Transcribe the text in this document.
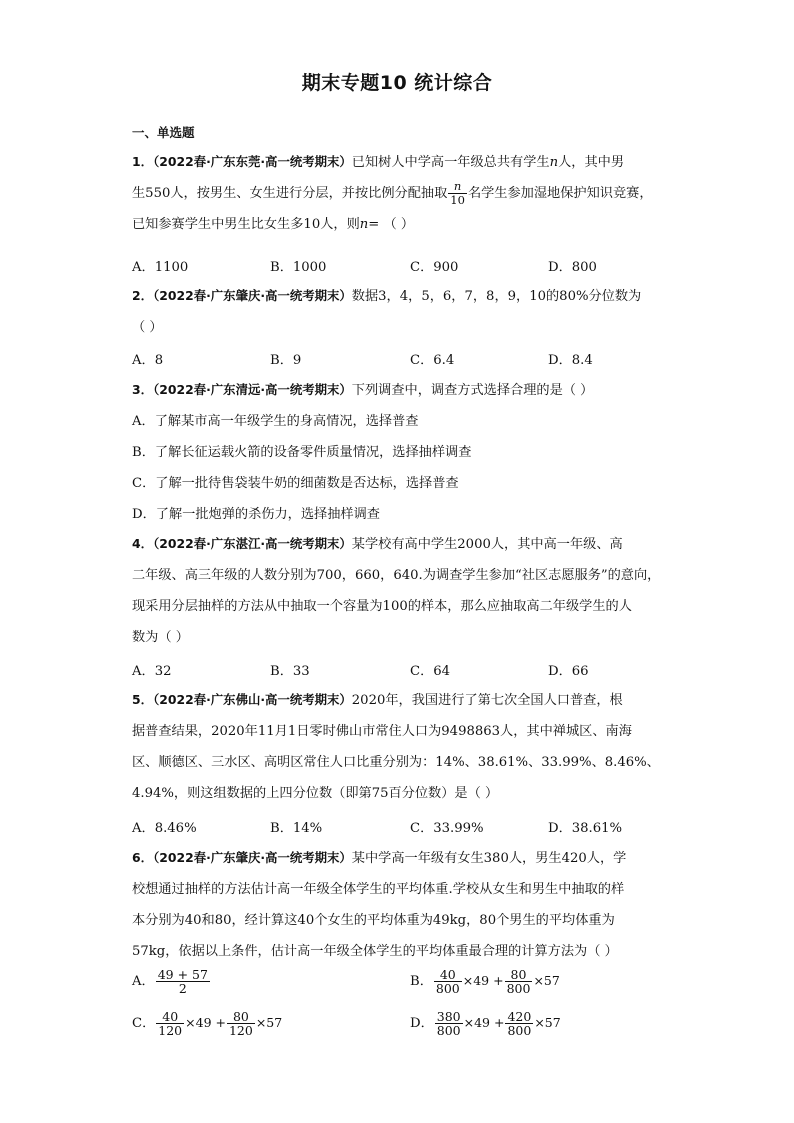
期末专题10 统计综合
一、单选题
1．（2022春·广东东莞·高一统考期末）已知树人中学高一年级总共有学生n人，其中男
生550人，按男生、女生进行分层，并按比例分配抽取 $\frac{n}{10}$ 名学生参加湿地保护知识竞赛，
已知参赛学生中男生比女生多10人，则n= （ ）
A．1100	B．1000	C．900	D．800
2．（2022春·广东肇庆·高一统考期末）数据3，4，5，6，7，8，9，10的80%分位数为
（ ）
A．8	B．9	C．6.4	D．8.4
3．（2022春·广东清远·高一统考期末）下列调查中，调查方式选择合理的是（ ）
A．了解某市高一年级学生的身高情况，选择普查
B．了解长征运载火箭的设备零件质量情况，选择抽样调查
C．了解一批待售袋装牛奶的细菌数是否达标，选择普查
D．了解一批炮弹的杀伤力，选择抽样调查
4．（2022春·广东湛江·高一统考期末）某学校有高中学生2000人，其中高一年级、高
二年级、高三年级的人数分别为700，660，640.为调查学生参加“社区志愿服务”的意向，
现采用分层抽样的方法从中抽取一个容量为100的样本，那么应抽取高二年级学生的人
数为（ ）
A．32	B．33	C．64	D．66
5．（2022春·广东佛山·高一统考期末）2020年，我国进行了第七次全国人口普查，根
据普查结果，2020年11月1日零时佛山市常住人口为9498863人，其中禅城区、南海
区、顺德区、三水区、高明区常住人口比重分别为：14%、38.61%、33.99%、8.46%、
4.94%，则这组数据的上四分位数（即第75百分位数）是（ ）
A．8.46%	B．14%	C．33.99%	D．38.61%
6．（2022春·广东肇庆·高一统考期末）某中学高一年级有女生380人，男生420人，学
校想通过抽样的方法估计高一年级全体学生的平均体重.学校从女生和男生中抽取的样
本分别为40和80，经计算这40个女生的平均体重为49kg，80个男生的平均体重为
57kg，依据以上条件，估计高一年级全体学生的平均体重最合理的计算方法为（ ）
A． $\frac{49 + 57}{2}$	B． $\frac{40}{800} \times 49 + \frac{80}{800} \times 57$
C． $\frac{40}{120} \times 49 + \frac{80}{120} \times 57$	D． $\frac{380}{800} \times 49 + \frac{420}{800} \times 57$
